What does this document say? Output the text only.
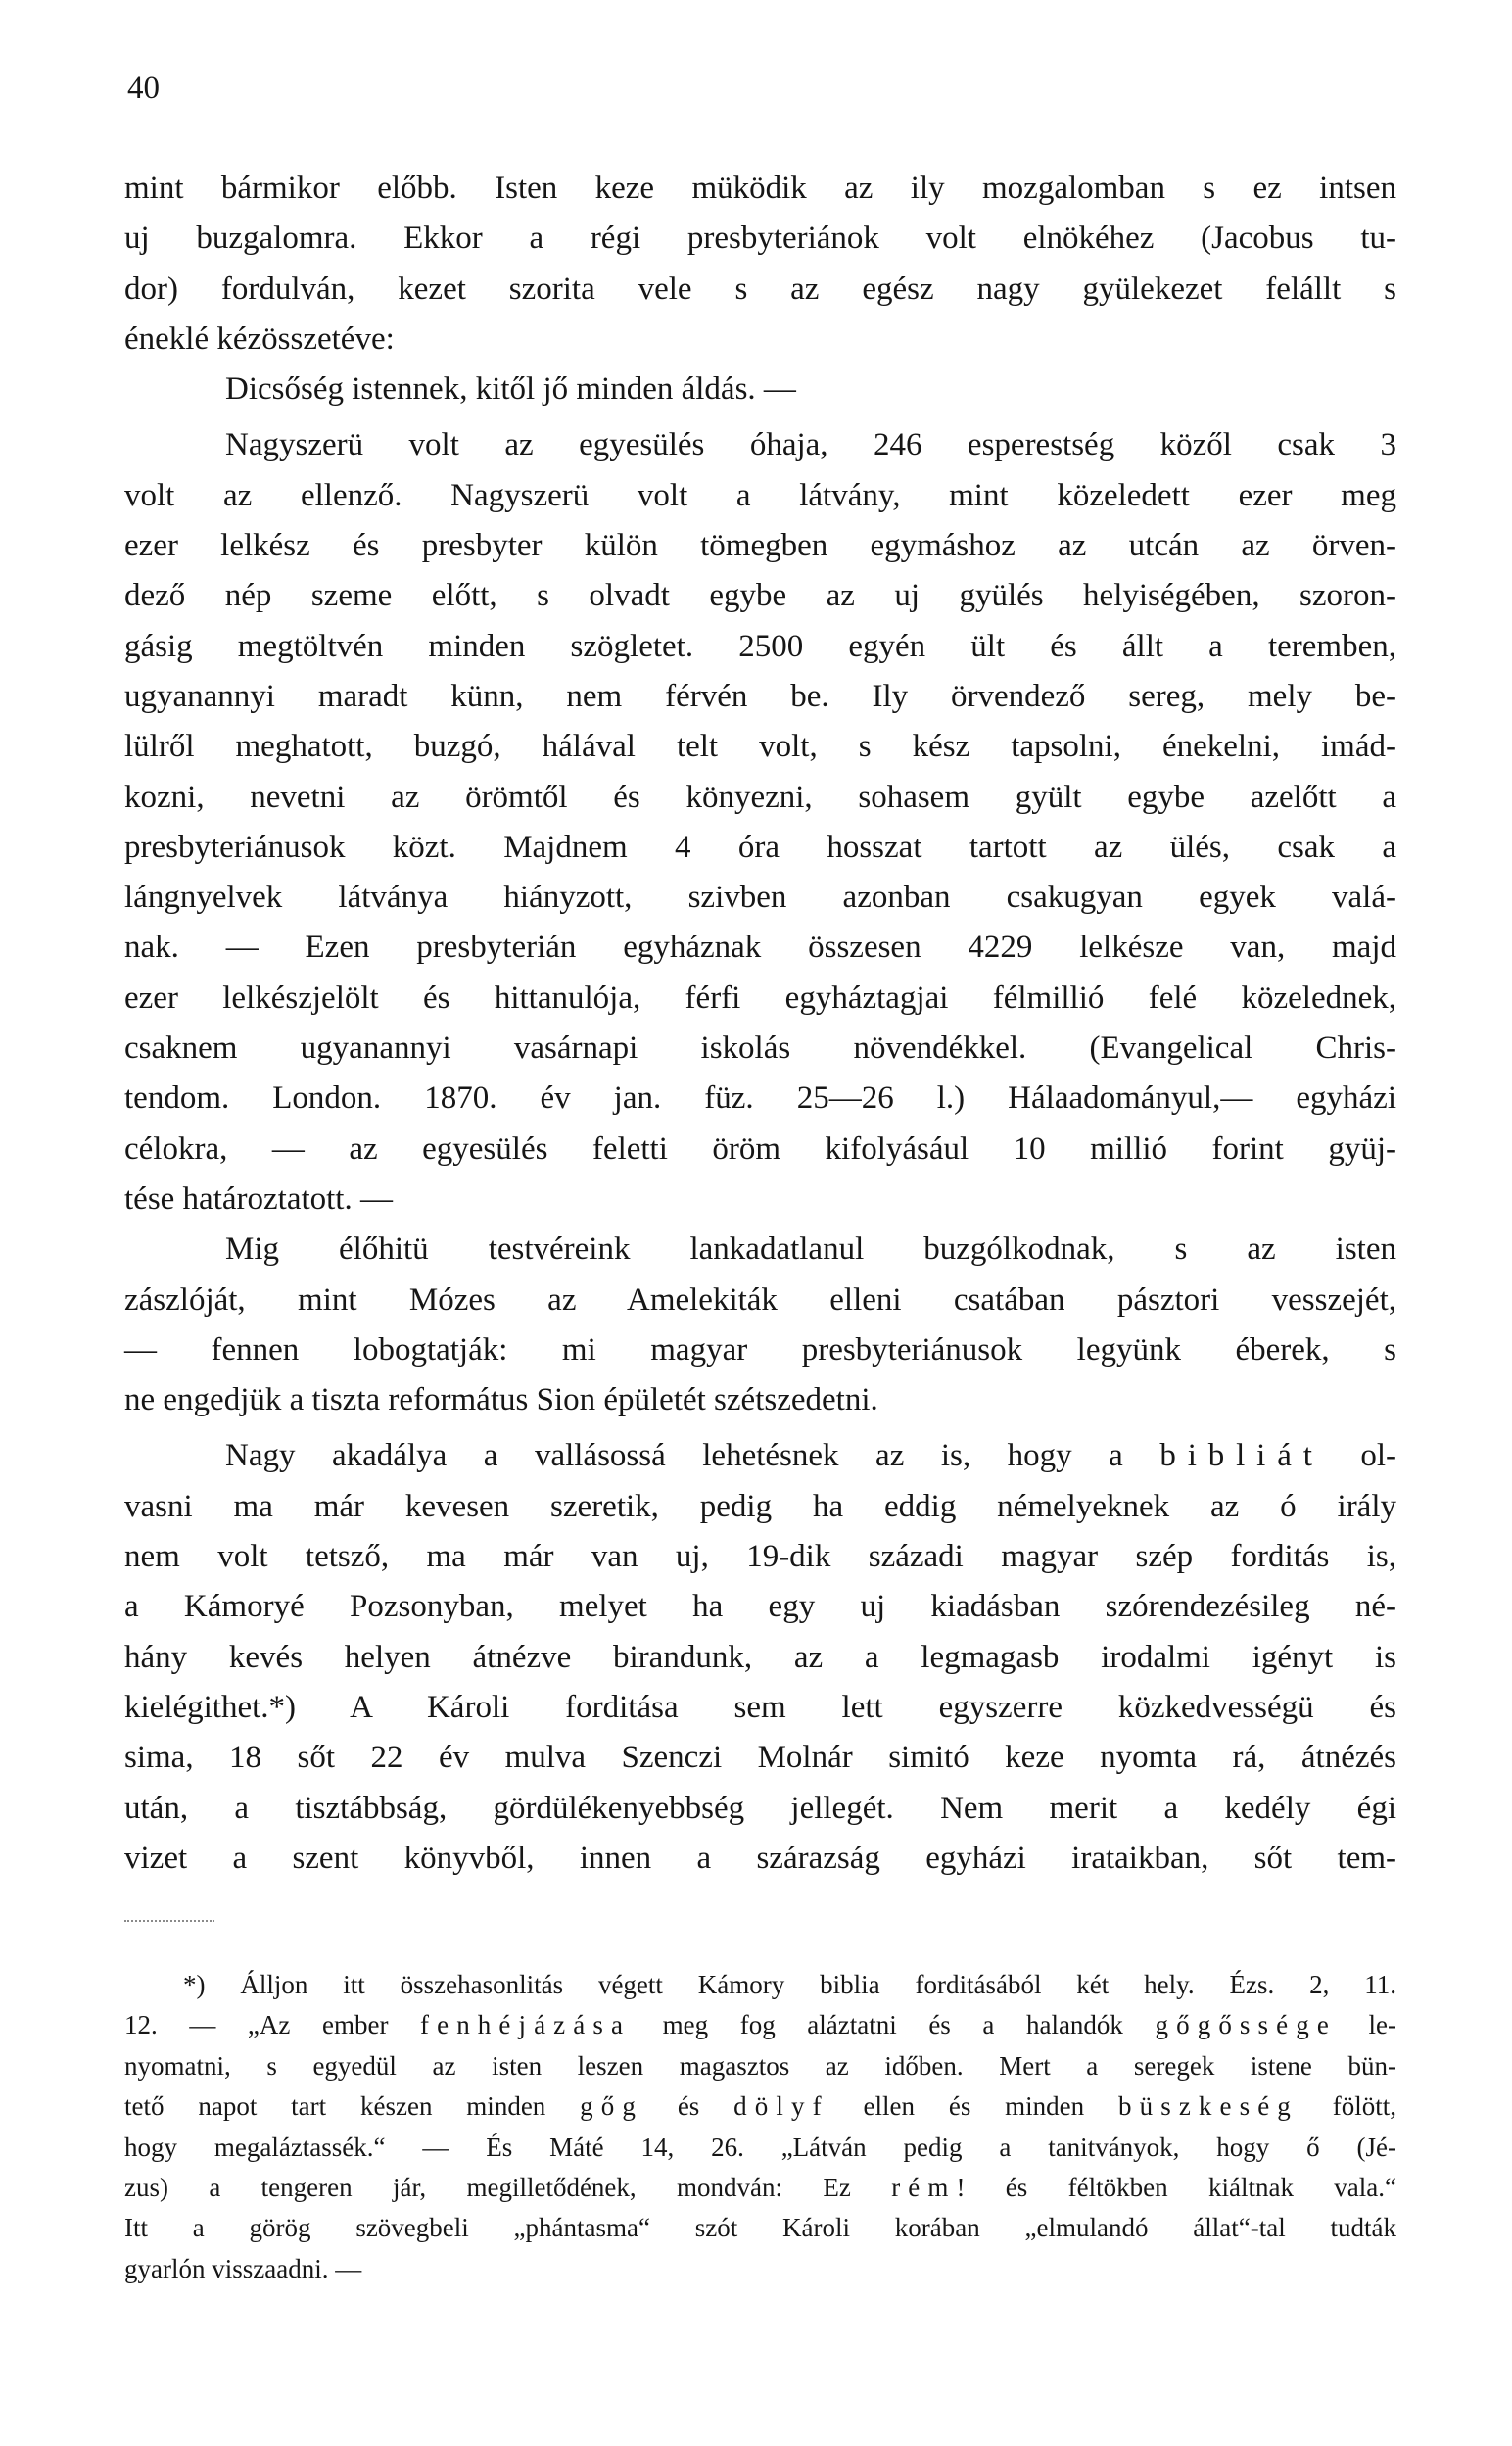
40
mint bármikor előbb. Isten keze müködik az ily mozgalomban s ez intsen
uj buzgalomra. Ekkor a régi presbyteriánok volt elnökéhez (Jacobus tu-
dor) fordulván, kezet szorita vele s az egész nagy gyülekezet felállt s
éneklé kézösszetéve:
Dicsőség istennek, kitől jő minden áldás. —
Nagyszerü volt az egyesülés óhaja, 246 esperestség közől csak 3
volt az ellenző. Nagyszerü volt a látvány, mint közeledett ezer meg
ezer lelkész és presbyter külön tömegben egymáshoz az utcán az örven-
dező nép szeme előtt, s olvadt egybe az uj gyülés helyiségében, szoron-
gásig megtöltvén minden szögletet. 2500 egyén ült és állt a teremben,
ugyanannyi maradt künn, nem férvén be. Ily örvendező sereg, mely be-
lülről meghatott, buzgó, hálával telt volt, s kész tapsolni, énekelni, imád-
kozni, nevetni az örömtől és könyezni, sohasem gyült egybe azelőtt a
presbyteriánusok közt. Majdnem 4 óra hosszat tartott az ülés, csak a
lángnyelvek látványa hiányzott, szivben azonban csakugyan egyek valá-
nak. — Ezen presbyterián egyháznak összesen 4229 lelkésze van, majd
ezer lelkészjelölt és hittanulója, férfi egyháztagjai félmillió felé közelednek,
csaknem ugyanannyi vasárnapi iskolás növendékkel. (Evangelical Chris-
tendom. London. 1870. év jan. füz. 25—26 l.) Hálaadományul,— egyházi
célokra, — az egyesülés feletti öröm kifolyásául 10 millió forint gyüj-
tése határoztatott. —
Mig élőhitü testvéreink lankadatlanul buzgólkodnak, s az isten
zászlóját, mint Mózes az Amelekiták elleni csatában pásztori vesszejét,
— fennen lobogtatják: mi magyar presbyteriánusok legyünk éberek, s
ne engedjük a tiszta református Sion épületét szétszedetni.
Nagy akadálya a vallásossá lehetésnek az is, hogy a bibliát ol-
vasni ma már kevesen szeretik, pedig ha eddig némelyeknek az ó irály
nem volt tetsző, ma már van uj, 19-dik századi magyar szép forditás is,
a Kámoryé Pozsonyban, melyet ha egy uj kiadásban szórendezésileg né-
hány kevés helyen átnézve birandunk, az a legmagasb irodalmi igényt is
kielégithet.*) A Károli forditása sem lett egyszerre közkedvességü és
sima, 18 sőt 22 év mulva Szenczi Molnár simitó keze nyomta rá, átnézés
után, a tisztábbság, gördülékenyebbség jellegét. Nem merit a kedély égi
vizet a szent könyvből, innen a szárazság egyházi irataikban, sőt tem-
*) Álljon itt összehasonlitás végett Kámory biblia forditásából két hely. Ézs. 2, 11.
12. — „Az ember fenhéjázása meg fog aláztatni és a halandók gőgőssége le-
nyomatni, s egyedül az isten leszen magasztos az időben. Mert a seregek istene bün-
tető napot tart készen minden gőg és dölyf ellen és minden büszkeség fölött,
hogy megaláztassék.“ — És Máté 14, 26. „Látván pedig a tanitványok, hogy ő (Jé-
zus) a tengeren jár, megilletődének, mondván: Ez rém! és féltökben kiáltnak vala.“
Itt a görög szövegbeli „phántasma“ szót Károli korában „elmulandó állat“-tal tudták
gyarlón visszaadni. —
